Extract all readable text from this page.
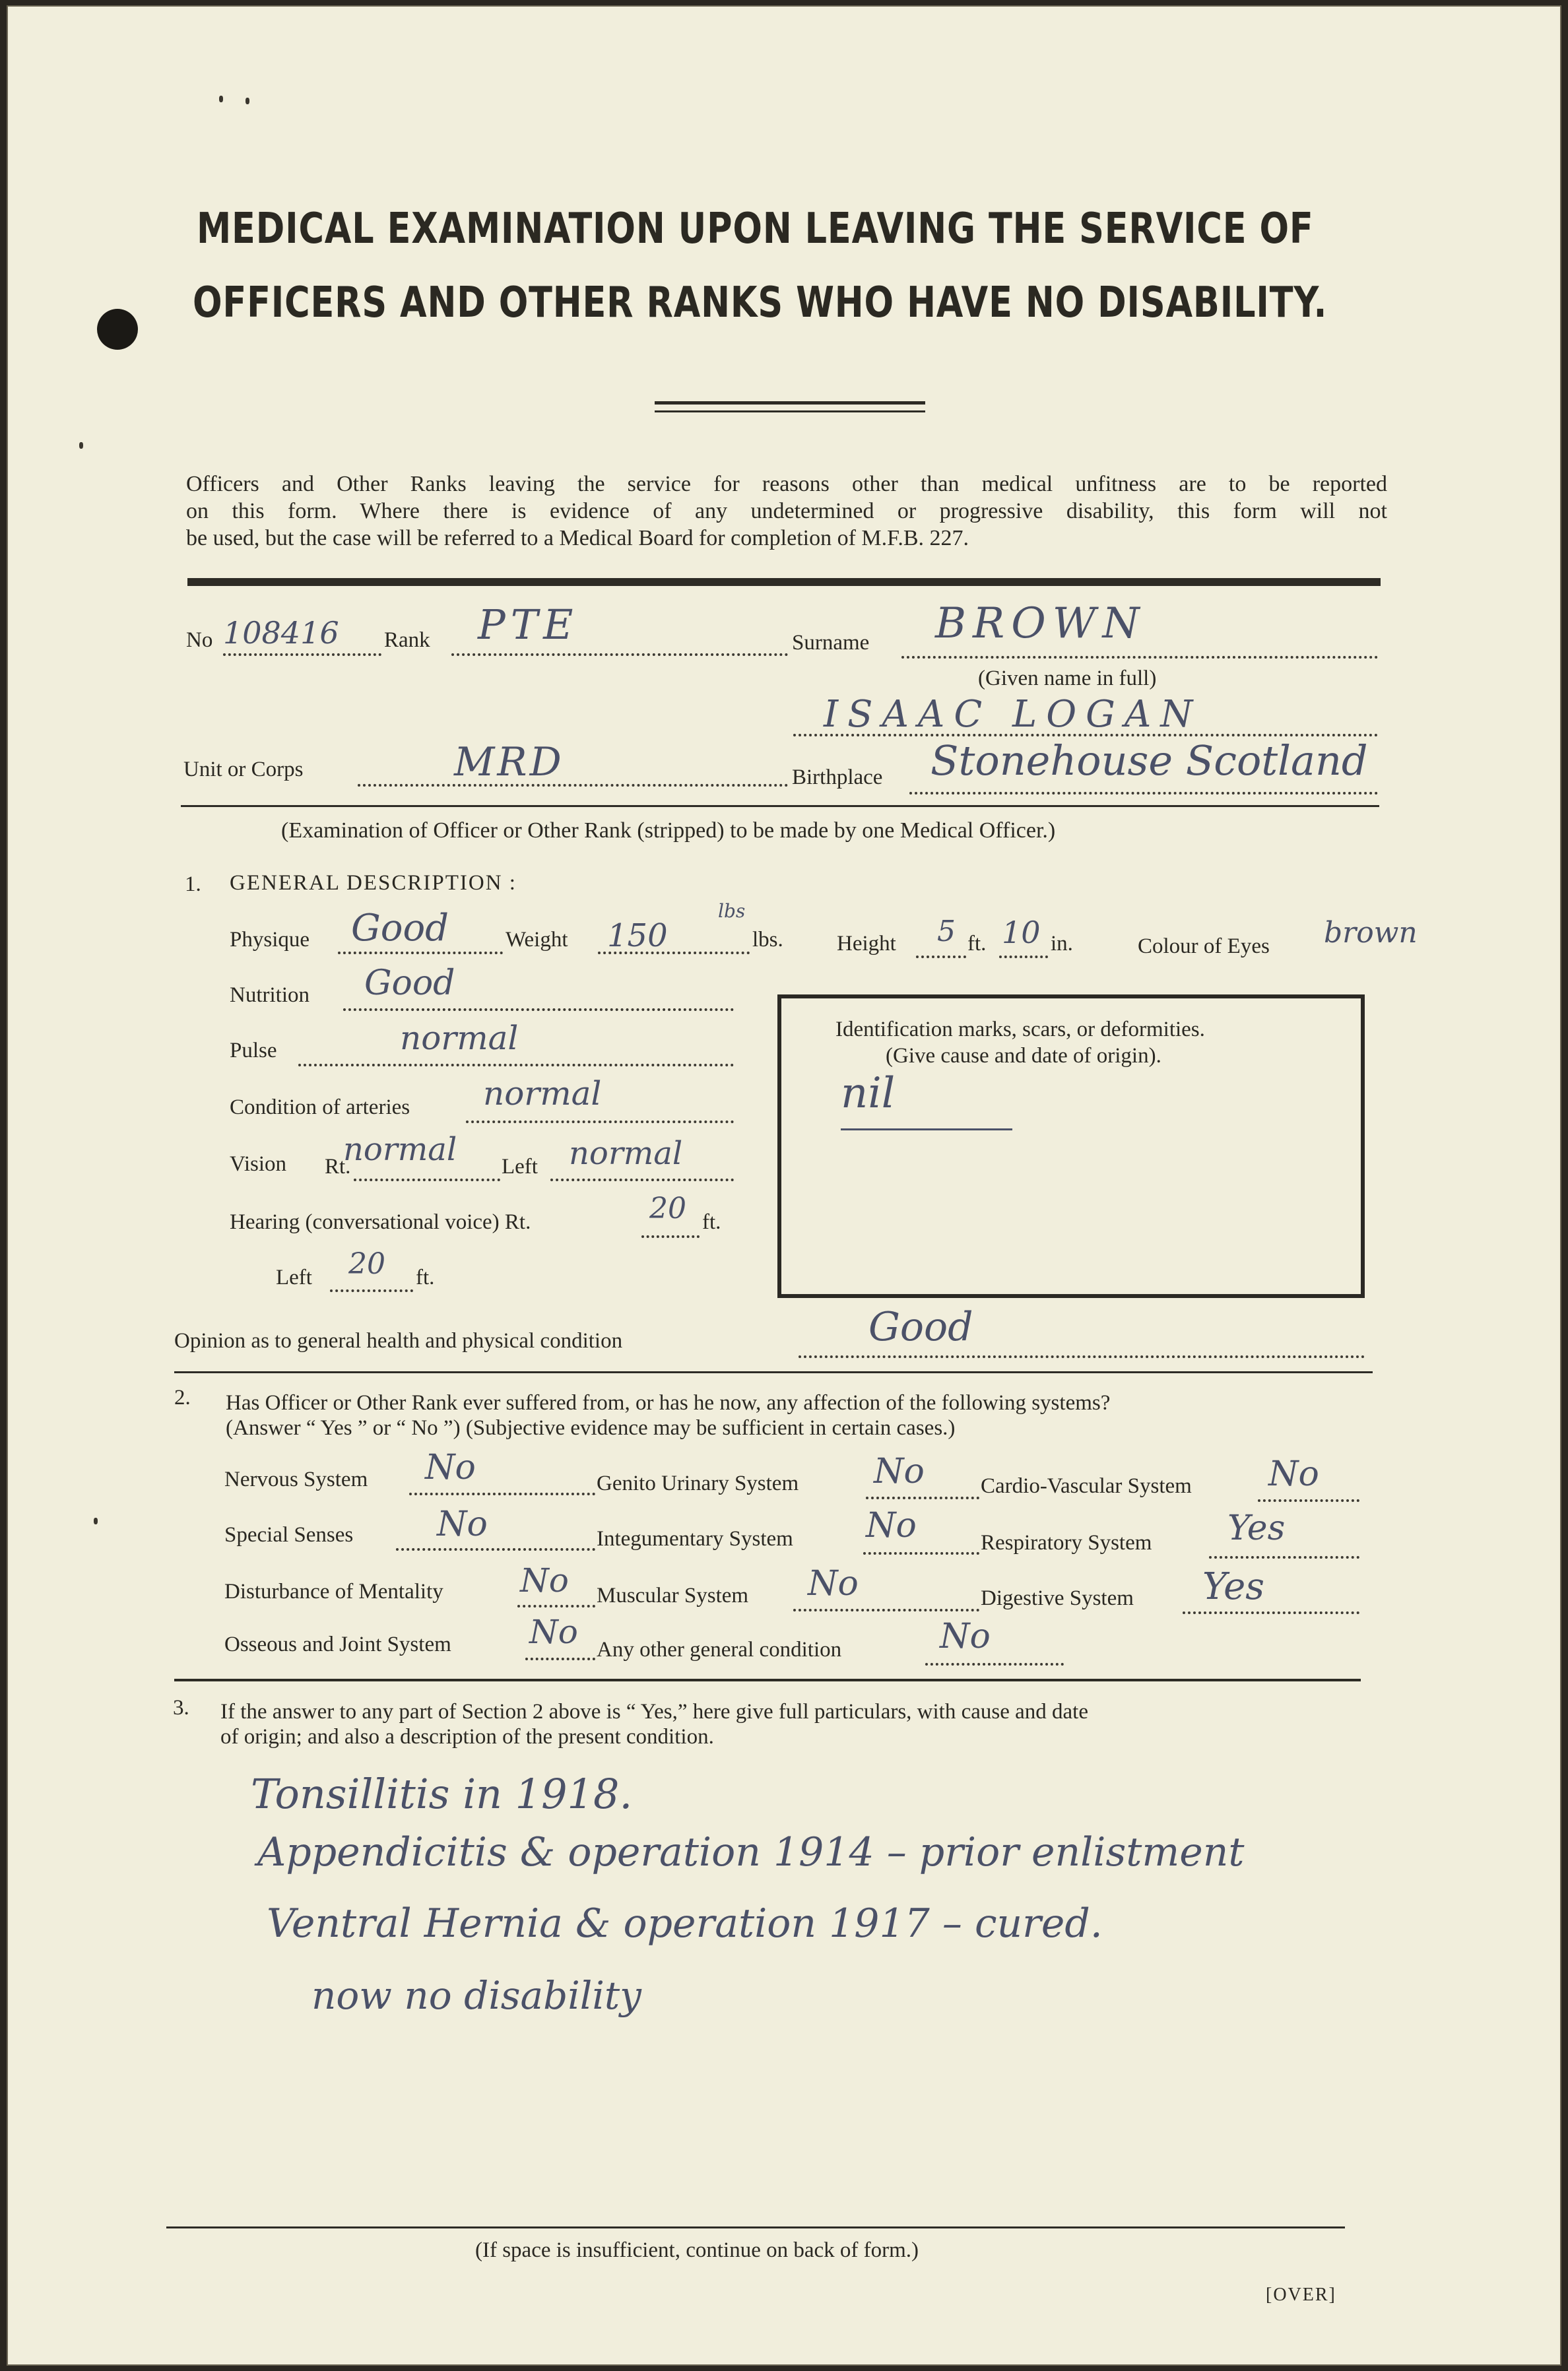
MEDICAL EXAMINATION UPON LEAVING THE SERVICE OF
OFFICERS AND OTHER RANKS WHO HAVE NO DISABILITY.
Officers and Other Ranks leaving the service for reasons other than medical unfitness are to be reported
on this form. Where there is evidence of any undetermined or progressive disability, this form will not
be used, but the case will be referred to a Medical Board for completion of M.F.B. 227.
No 108416 Rank PTE	Surname BROWN
(Given name in full)
ISAAC LOGAN
Unit or Corps	MRD	Birthplace Stonehouse Scotland
(Examination of Officer or Other Rank (stripped) to be made by one Medical Officer.)
1. GENERAL DESCRIPTION :
Physique Good	Weight 150
lbs
lbs. Height 5 ft. 10 in.	Colour of Eyes brown
Nutrition Good
Pulse	normal
Condition of arteries normal
Vision Rt.
normal Left normal
Hearing (conversational voice) Rt.	20 ft.
Left 20 ft.
Identification marks, scars, or deformities.
(Give cause and date of origin).
nil
Opinion as to general health and physical condition	Good
2. Has Officer or Other Rank ever suffered from, or has he now, any affection of the following systems?
(Answer “ Yes ” or “ No ”) (Subjective evidence may be sufficient in certain cases.)
Nervous System No	Genito Urinary System No	Cardio-Vascular System No
Special Senses No	Integumentary System No	Respiratory System Yes
Disturbance of Mentality No Muscular System No	Digestive System Yes
Osseous and Joint System No Any other general condition	No
3. If the answer to any part of Section 2 above is “ Yes,” here give full particulars, with cause and date
of origin; and also a description of the present condition.
Tonsillitis in 1918.
Appendicitis & operation 1914 – prior enlistment
Ventral Hernia & operation 1917 – cured.
now no disability
(If space is insufficient, continue on back of form.)
[OVER]
